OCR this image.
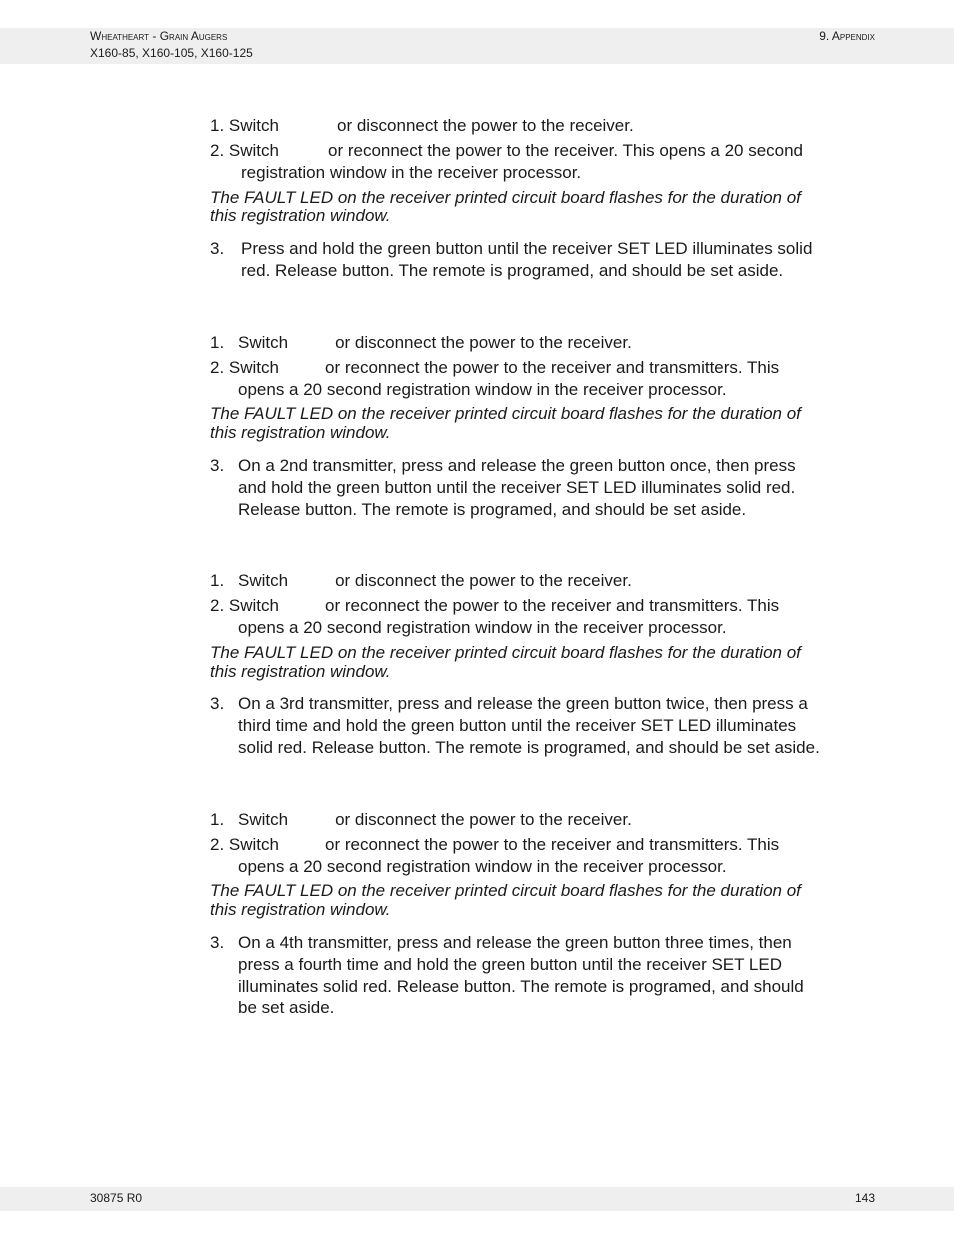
Wheatheart - Grain Augers
X160-85, X160-105, X160-125
9. Appendix
1. Switch	or disconnect the power to the receiver.
2. Switch	or reconnect the power to the receiver. This opens a 20 second
registration window in the receiver processor.
The FAULT LED on the receiver printed circuit board flashes for the duration of
this registration window.
3. Press and hold the green button until the receiver SET LED illuminates solid
red. Release button. The remote is programed, and should be set aside.
1. Switch	or disconnect the power to the receiver.
2. Switch	or reconnect the power to the receiver and transmitters. This
opens a 20 second registration window in the receiver processor.
The FAULT LED on the receiver printed circuit board flashes for the duration of
this registration window.
3. On a 2nd transmitter, press and release the green button once, then press
and hold the green button until the receiver SET LED illuminates solid red.
Release button. The remote is programed, and should be set aside.
1. Switch	or disconnect the power to the receiver.
2. Switch	or reconnect the power to the receiver and transmitters. This
opens a 20 second registration window in the receiver processor.
The FAULT LED on the receiver printed circuit board flashes for the duration of
this registration window.
3. On a 3rd transmitter, press and release the green button twice, then press a
third time and hold the green button until the receiver SET LED illuminates
solid red. Release button. The remote is programed, and should be set aside.
1. Switch	or disconnect the power to the receiver.
2. Switch	or reconnect the power to the receiver and transmitters. This
opens a 20 second registration window in the receiver processor.
The FAULT LED on the receiver printed circuit board flashes for the duration of
this registration window.
3. On a 4th transmitter, press and release the green button three times, then
press a fourth time and hold the green button until the receiver SET LED
illuminates solid red. Release button. The remote is programed, and should
be set aside.
30875 R0	143
